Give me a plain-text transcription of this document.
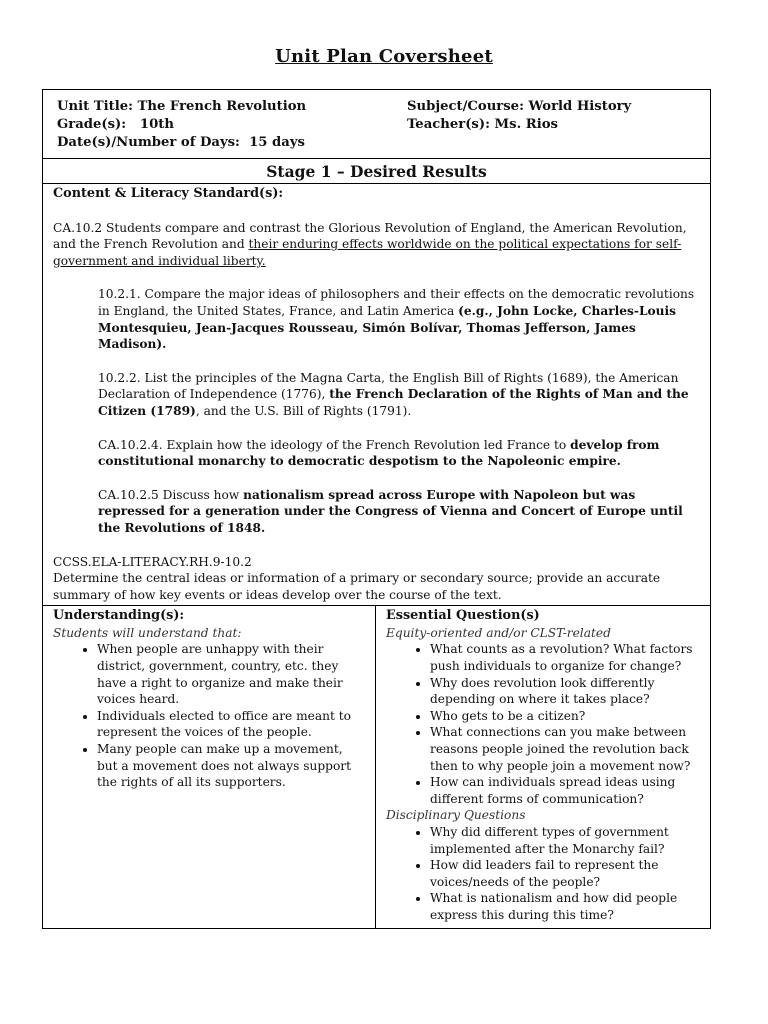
Unit Plan Coversheet
Unit Title: The French Revolution
Grade(s):   10th
Date(s)/Number of Days:  15 days
Subject/Course: World History
Teacher(s): Ms. Rios
Stage 1 – Desired Results

Content & Literacy Standard(s):

CA.10.2 Students compare and contrast the Glorious Revolution of England, the American Revolution, and the French Revolution and their enduring effects worldwide on the political expectations for self-government and individual liberty.

10.2.1. Compare the major ideas of philosophers and their effects on the democratic revolutions in England, the United States, France, and Latin America (e.g., John Locke, Charles-Louis Montesquieu, Jean-Jacques Rousseau, Simón Bolívar, Thomas Jefferson, James Madison).

10.2.2. List the principles of the Magna Carta, the English Bill of Rights (1689), the American Declaration of Independence (1776), the French Declaration of the Rights of Man and the Citizen (1789), and the U.S. Bill of Rights (1791).

CA.10.2.4. Explain how the ideology of the French Revolution led France to develop from constitutional monarchy to democratic despotism to the Napoleonic empire.

CA.10.2.5 Discuss how nationalism spread across Europe with Napoleon but was repressed for a generation under the Congress of Vienna and Concert of Europe until the Revolutions of 1848.

CCSS.ELA-LITERACY.RH.9-10.2

Determine the central ideas or information of a primary or secondary source; provide an accurate summary of how key events or ideas develop over the course of the text.

Understanding(s):
Students will understand that:
• When people are unhappy with their district, government, country, etc. they have a right to organize and make their voices heard.
• Individuals elected to office are meant to represent the voices of the people.
• Many people can make up a movement, but a movement does not always support the rights of all its supporters.
Essential Question(s)
Equity-oriented and/or CLST-related
• What counts as a revolution? What factors push individuals to organize for change?
• Why does revolution look differently depending on where it takes place?
• Who gets to be a citizen?
• What connections can you make between reasons people joined the revolution back then to why people join a movement now?
• How can individuals spread ideas using different forms of communication?
Disciplinary Questions
• Why did different types of government implemented after the Monarchy fail?
• How did leaders fail to represent the voices/needs of the people?
• What is nationalism and how did people express this during this time?
